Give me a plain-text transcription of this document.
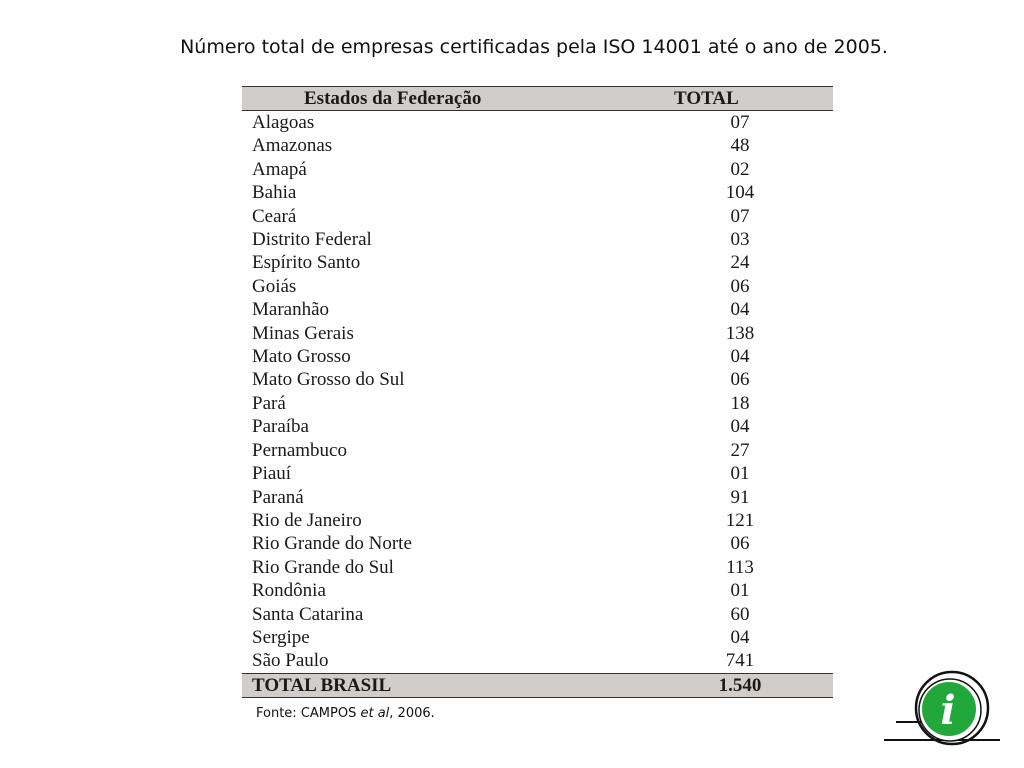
Número total de empresas certificadas pela ISO 14001 até o ano de 2005.
Estados da Federação	TOTAL
Alagoas	07
Amazonas	48
Amapá	02
Bahia	104
Ceará	07
Distrito Federal	03
Espírito Santo	24
Goiás	06
Maranhão	04
Minas Gerais	138
Mato Grosso	04
Mato Grosso do Sul	06
Pará	18
Paraíba	04
Pernambuco	27
Piauí	01
Paraná	91
Rio de Janeiro	121
Rio Grande do Norte	06
Rio Grande do Sul	113
Rondônia	01
Santa Catarina	60
Sergipe	04
São Paulo	741
TOTAL BRASIL	1.540
Fonte: CAMPOS et al, 2006.	i
